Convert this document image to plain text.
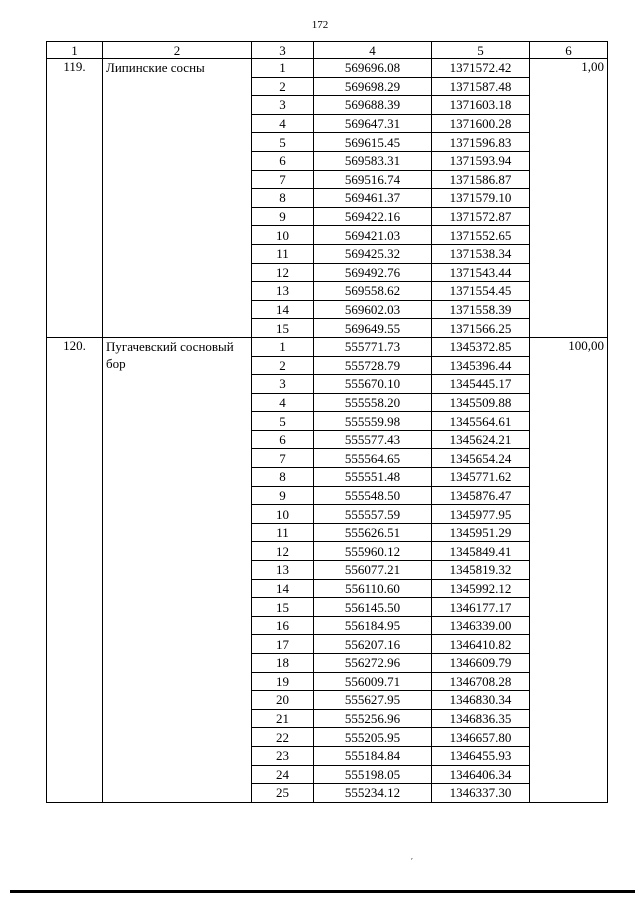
172
1	2	3	4	5	6
119.	Липинские сосны	1	569696.08	1371572.42	1,00
		2	569698.29	1371587.48	
		3	569688.39	1371603.18	
		4	569647.31	1371600.28	
		5	569615.45	1371596.83	
		6	569583.31	1371593.94	
		7	569516.74	1371586.87	
		8	569461.37	1371579.10	
		9	569422.16	1371572.87	
		10	569421.03	1371552.65	
		11	569425.32	1371538.34	
		12	569492.76	1371543.44	
		13	569558.62	1371554.45	
		14	569602.03	1371558.39	
		15	569649.55	1371566.25	
120.	Пугачевский сосновый бор	1	555771.73	1345372.85	100,00
		2	555728.79	1345396.44	
		3	555670.10	1345445.17	
		4	555558.20	1345509.88	
		5	555559.98	1345564.61	
		6	555577.43	1345624.21	
		7	555564.65	1345654.24	
		8	555551.48	1345771.62	
		9	555548.50	1345876.47	
		10	555557.59	1345977.95	
		11	555626.51	1345951.29	
		12	555960.12	1345849.41	
		13	556077.21	1345819.32	
		14	556110.60	1345992.12	
		15	556145.50	1346177.17	
		16	556184.95	1346339.00	
		17	556207.16	1346410.82	
		18	556272.96	1346609.79	
		19	556009.71	1346708.28	
		20	555627.95	1346830.34	
		21	555256.96	1346836.35	
		22	555205.95	1346657.80	
		23	555184.84	1346455.93	
		24	555198.05	1346406.34	
		25	555234.12	1346337.30	
ʳ
